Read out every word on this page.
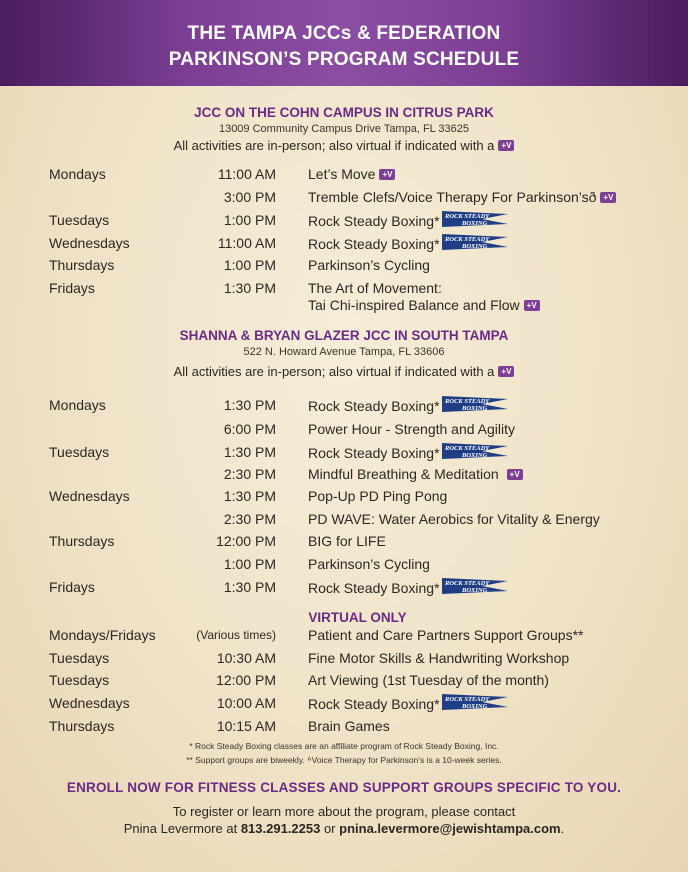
THE TAMPA JCCs & FEDERATION
PARKINSON’S PROGRAM SCHEDULE
JCC ON THE COHN CAMPUS IN CITRUS PARK
13009 Community Campus Drive Tampa, FL 33625
All activities are in-person; also virtual if indicated with a +V
Mondays	11:00 AM Let’s Move +V
3:00 PM Tremble Clefs/Voice Therapy For Parkinson’sð +V
Tuesdays	1:00 PM Rock Steady Boxing* ROCK STEADY
BOXING
Wednesdays	11:00 AM Rock Steady Boxing* ROCK STEADY
BOXING
Thursdays	1:00 PM Parkinson’s Cycling
Fridays	1:30 PM The Art of Movement:
Tai Chi-inspired Balance and Flow +V
SHANNA & BRYAN GLAZER JCC IN SOUTH TAMPA
522 N. Howard Avenue Tampa, FL 33606
All activities are in-person; also virtual if indicated with a +V
Mondays	1:30 PM Rock Steady Boxing* ROCK STEADY
BOXING
6:00 PM Power Hour - Strength and Agility
Tuesdays	1:30 PM Rock Steady Boxing* ROCK STEADY
BOXING
2:30 PM Mindful Breathing & Meditation +V
Wednesdays	1:30 PM Pop-Up PD Ping Pong
2:30 PM PD WAVE: Water Aerobics for Vitality & Energy
Thursdays	12:00 PM BIG for LIFE
1:00 PM Parkinson’s Cycling
Fridays	1:30 PM Rock Steady Boxing* ROCK STEADY
BOXING
VIRTUAL ONLY
Mondays/Fridays	(Various times) Patient and Care Partners Support Groups**
Tuesdays	10:30 AM Fine Motor Skills & Handwriting Workshop
Tuesdays	12:00 PM Art Viewing (1st Tuesday of the month)
Wednesdays	10:00 AM Rock Steady Boxing* ROCK STEADY
BOXING
Thursdays	10:15 AM Brain Games
* Rock Steady Boxing classes are an affiliate program of Rock Steady Boxing, Inc.
** Support groups are biweekly. ᐞVoice Therapy for Parkinson’s is a 10-week series.
ENROLL NOW FOR FITNESS CLASSES AND SUPPORT GROUPS SPECIFIC TO YOU.
To register or learn more about the program, please contact
Pnina Levermore at 813.291.2253 or pnina.levermore@jewishtampa.com.
